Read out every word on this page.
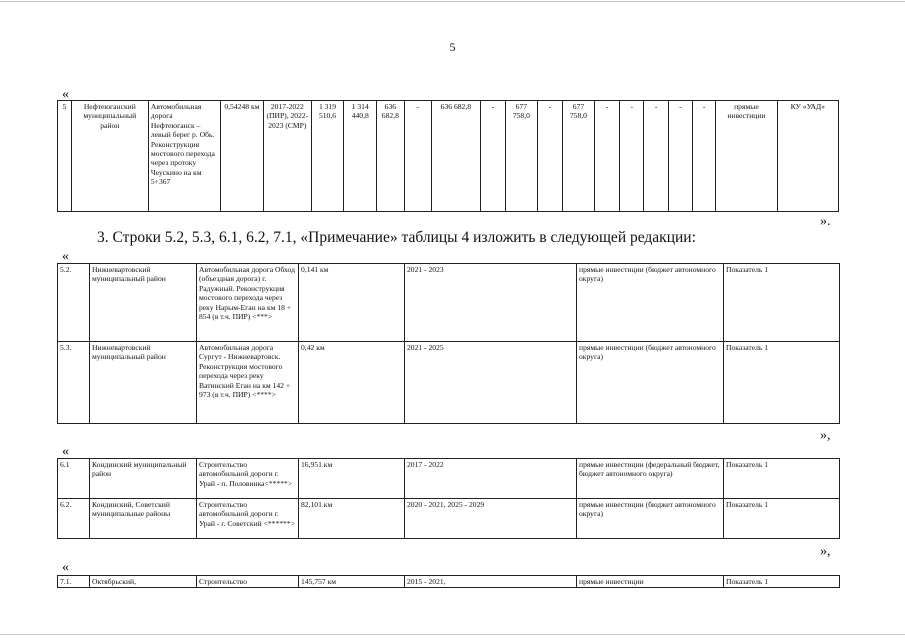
5
«
5	Нефтеюганский муниципальный район	Автомобильная дорога Нефтеюганск – левый берег р. Обь. Реконструкция мостового перехода через протоку Чеускино на км 5+367	0,54248 км	2017-2022 (ПИР), 2022-2023 (СМР)	1 319 510,6	1 314 440,8	636 682,8	-	636 682,8	-	677 758,0	-	677 758,0	-	-	-	-	-	прямые инвестиции	КУ «УАД»
».
3. Строки 5.2, 5.3, 6.1, 6.2, 7.1, «Примечание» таблицы 4 изложить в следующей редакции:
«
5.2.	Нижневартовский муниципальный район	Автомобильная дорога Обход (объездная дорога) г. Радужный. Реконструкция мостового перехода через реку Нарым-Еган на км 18 + 854 (в т.ч. ПИР) <***>	0,141 км	2021 - 2023	прямые инвестиции (бюджет автономного округа)	Показатель 1
5.3.	Нижневартовский муниципальный район	Автомобильная дорога Сургут - Нижневартовск. Реконструкция мостового перехода через реку Ватинский Еган на км 142 + 973 (в т.ч. ПИР) <****>	0,42 км	2021 - 2025	прямые инвестиции (бюджет автономного округа)	Показатель 1
»,
«
6.1	Кондинский муниципальный район	Строительство автомобильной дороги г. Урай - п. Половинка<*****>	16,951 км	2017 - 2022	прямые инвестиции (федеральный бюджет, бюджет автономного округа)	Показатель 1
6.2.	Кондинский, Советский муниципальные районы	Строительство автомобильной дороги г. Урай - г. Советский <******>	82,101 км	2020 - 2021, 2025 - 2029	прямые инвестиции (бюджет автономного округа)	Показатель 1
»,
«
7.1.	Октябрьский,	Строительство	145,757 км	2015 - 2021,	прямые инвестиции	Показатель 1
